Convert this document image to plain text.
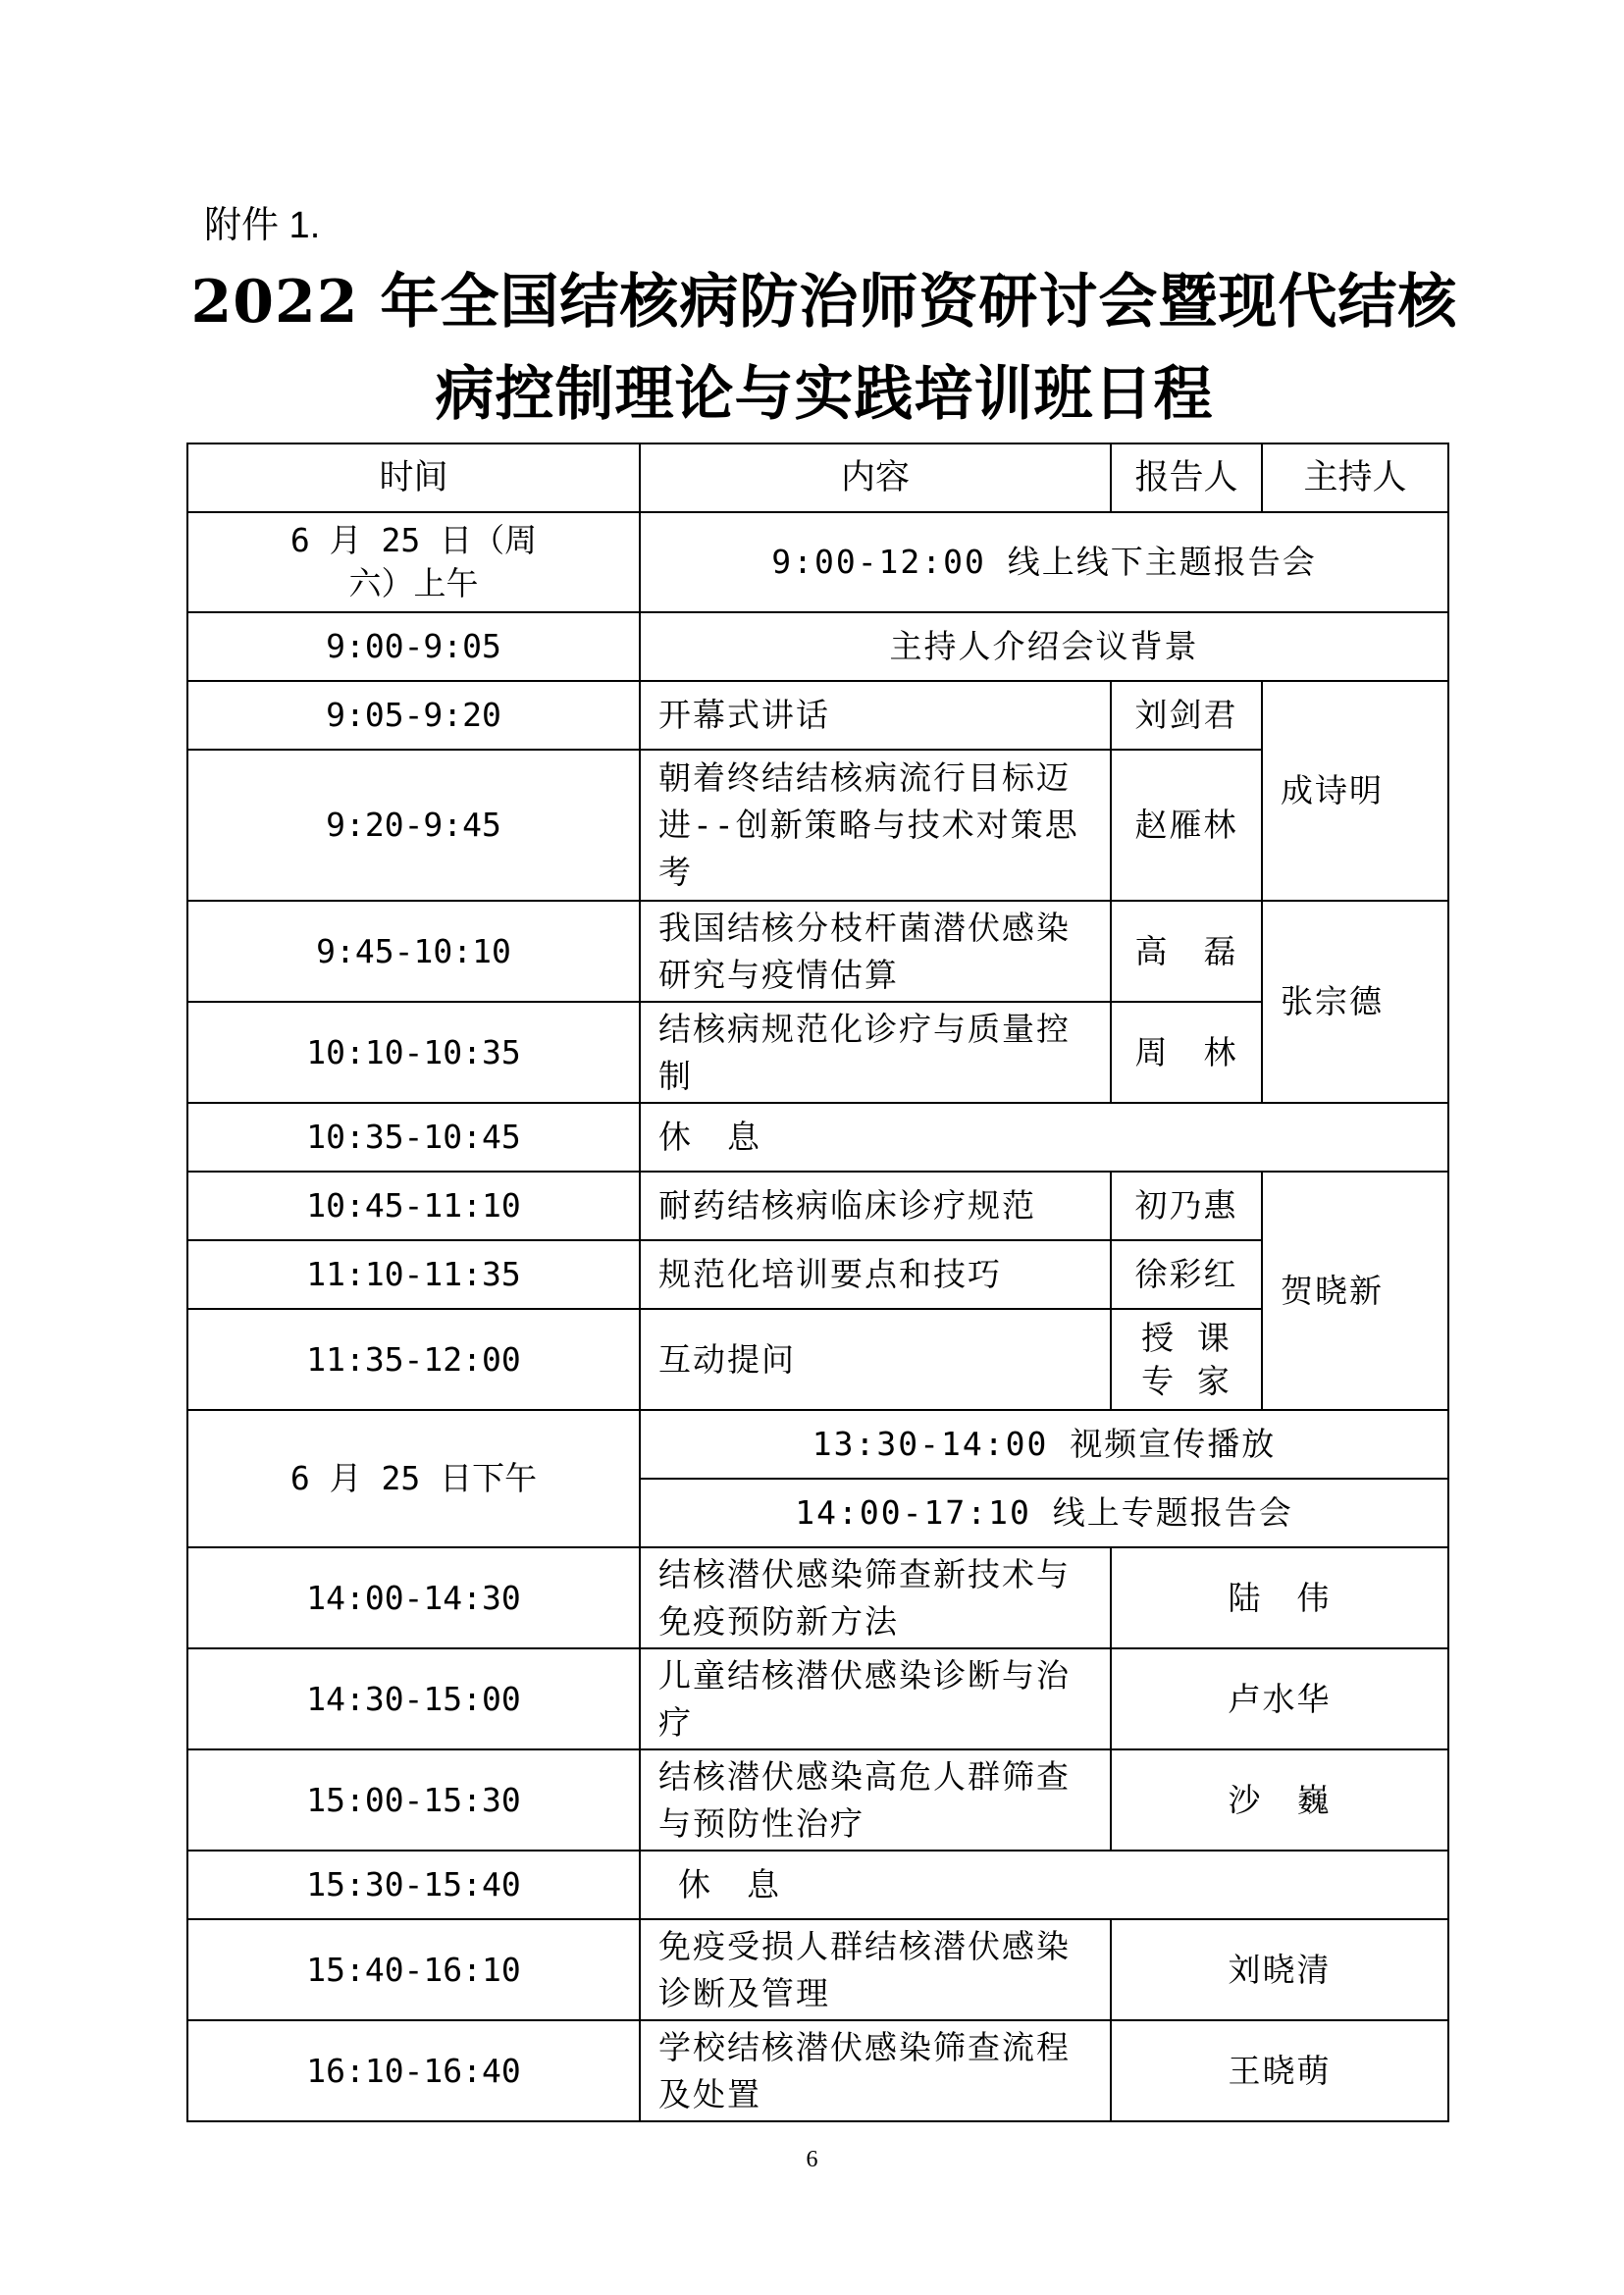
附件 1.
2022 年全国结核病防治师资研讨会暨现代结核
病控制理论与实践培训班日程
时间	内容	报告人	主持人
6 月 25 日（周六）上午	9:00-12:00 线上线下主题报告会		
9:00-9:05	主持人介绍会议背景		
9:05-9:20	开幕式讲话	刘剑君	成诗明
9:20-9:45	朝着终结结核病流行目标迈进--创新策略与技术对策思考	赵雁林	
9:45-10:10	我国结核分枝杆菌潜伏感染研究与疫情估算	高　磊	张宗德
10:10-10:35	结核病规范化诊疗与质量控制	周　林	
10:35-10:45	休　息		
10:45-11:10	耐药结核病临床诊疗规范	初乃惠	贺晓新
11:10-11:35	规范化培训要点和技巧	徐彩红	
11:35-12:00	互动提问	授 课专 家	
6 月 25 日下午	13:30-14:00 视频宣传播放		
	14:00-17:10 线上专题报告会		
14:00-14:30	结核潜伏感染筛查新技术与免疫预防新方法	陆　伟	
14:30-15:00	儿童结核潜伏感染诊断与治疗	卢水华	
15:00-15:30	结核潜伏感染高危人群筛查与预防性治疗	沙　巍	
15:30-15:40	休　息		
15:40-16:10	免疫受损人群结核潜伏感染诊断及管理	刘晓清	
16:10-16:40	学校结核潜伏感染筛查流程及处置	王晓萌	
6
